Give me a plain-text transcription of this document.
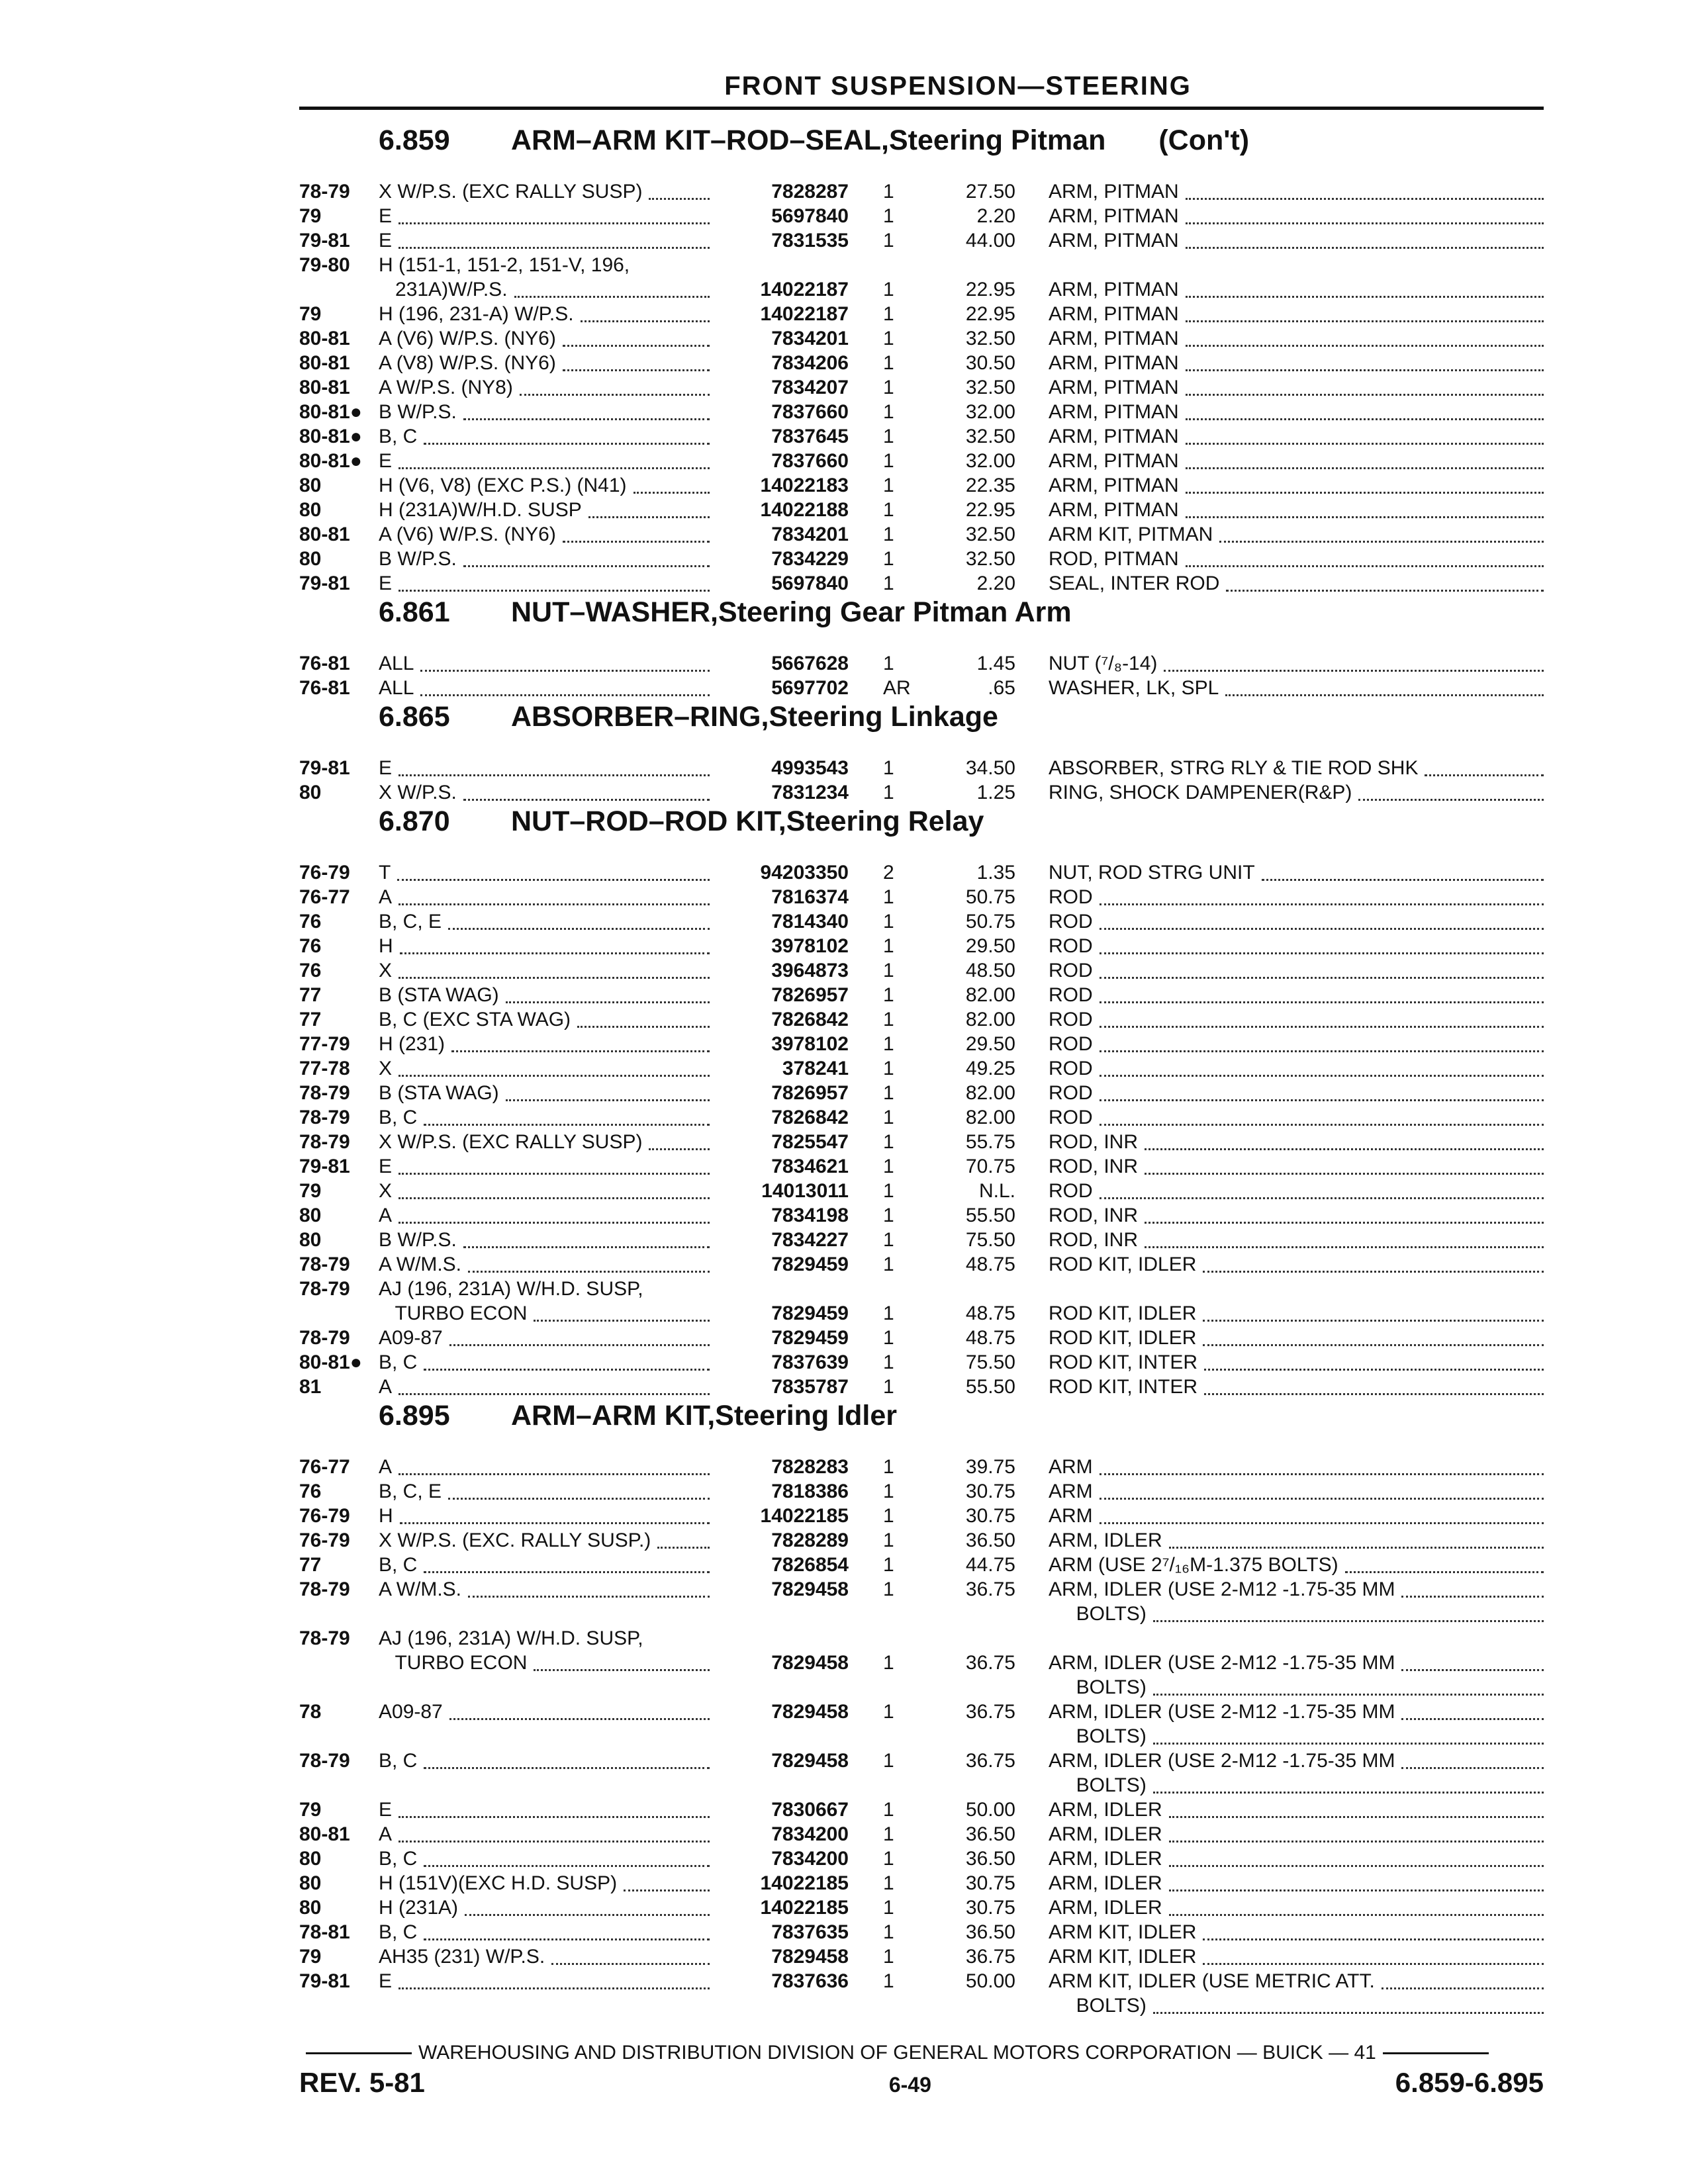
FRONT SUSPENSION—STEERING
6.859	ARM–ARM KIT–ROD–SEAL, Steering Pitman (Con't)
78-79	X W/P.S. (EXC RALLY SUSP)	7828287	1	27.50	ARM, PITMAN
79	E	5697840	1	2.20	ARM, PITMAN
79-81	E	7831535	1	44.00	ARM, PITMAN
79-80	H (151-1, 151-2, 151-V, 196,
231A)W/P.S.	14022187	1	22.95	ARM, PITMAN
79	H (196, 231-A) W/P.S.	14022187	1	22.95	ARM, PITMAN
80-81	A (V6) W/P.S. (NY6)	7834201	1	32.50	ARM, PITMAN
80-81	A (V8) W/P.S. (NY6)	7834206	1	30.50	ARM, PITMAN
80-81	A W/P.S. (NY8)	7834207	1	32.50	ARM, PITMAN
80-81● B W/P.S.	7837660	1	32.00	ARM, PITMAN
80-81● B, C	7837645	1	32.50	ARM, PITMAN
80-81● E	7837660	1	32.00	ARM, PITMAN
80	H (V6, V8) (EXC P.S.) (N41)	14022183	1	22.35	ARM, PITMAN
80	H (231A)W/H.D. SUSP	14022188	1	22.95	ARM, PITMAN
80-81	A (V6) W/P.S. (NY6)	7834201	1	32.50	ARM KIT, PITMAN
80	B W/P.S.	7834229	1	32.50	ROD, PITMAN
79-81	E	5697840	1	2.20	SEAL, INTER ROD
6.861	NUT–WASHER, Steering Gear Pitman Arm
76-81	ALL	5667628	1	1.45	NUT (⁷/₈-14)
76-81	ALL	5697702	AR	.65	WASHER, LK, SPL
6.865	ABSORBER–RING, Steering Linkage
79-81	E	4993543	1	34.50	ABSORBER, STRG RLY & TIE ROD SHK
80	X W/P.S.	7831234	1	1.25	RING, SHOCK DAMPENER(R&P)
6.870	NUT–ROD–ROD KIT, Steering Relay
76-79	T	94203350	2	1.35	NUT, ROD STRG UNIT
76-77	A	7816374	1	50.75	ROD
76	B, C, E	7814340	1	50.75	ROD
76	H	3978102	1	29.50	ROD
76	X	3964873	1	48.50	ROD
77	B (STA WAG)	7826957	1	82.00	ROD
77	B, C (EXC STA WAG)	7826842	1	82.00	ROD
77-79	H (231)	3978102	1	29.50	ROD
77-78	X	378241	1	49.25	ROD
78-79	B (STA WAG)	7826957	1	82.00	ROD
78-79	B, C	7826842	1	82.00	ROD
78-79	X W/P.S. (EXC RALLY SUSP)	7825547	1	55.75	ROD, INR
79-81	E	7834621	1	70.75	ROD, INR
79	X	14013011	1	N.L.	ROD
80	A	7834198	1	55.50	ROD, INR
80	B W/P.S.	7834227	1	75.50	ROD, INR
78-79	A W/M.S.	7829459	1	48.75	ROD KIT, IDLER
78-79	AJ (196, 231A) W/H.D. SUSP,
TURBO ECON	7829459	1	48.75	ROD KIT, IDLER
78-79	A09-87	7829459	1	48.75	ROD KIT, IDLER
80-81● B, C	7837639	1	75.50	ROD KIT, INTER
81	A	7835787	1	55.50	ROD KIT, INTER
6.895	ARM–ARM KIT, Steering Idler
76-77	A	7828283	1	39.75	ARM
76	B, C, E	7818386	1	30.75	ARM
76-79	H	14022185	1	30.75	ARM
76-79	X W/P.S. (EXC. RALLY SUSP.)	7828289	1	36.50	ARM, IDLER
77	B, C	7826854	1	44.75	ARM (USE 2⁷/₁₆M-1.375 BOLTS)
78-79	A W/M.S.	7829458	1	36.75	ARM, IDLER (USE 2-M12 -1.75-35 MM
BOLTS)
78-79	AJ (196, 231A) W/H.D. SUSP,
TURBO ECON	7829458	1	36.75	ARM, IDLER (USE 2-M12 -1.75-35 MM
BOLTS)
78	A09-87	7829458	1	36.75	ARM, IDLER (USE 2-M12 -1.75-35 MM
BOLTS)
78-79	B, C	7829458	1	36.75	ARM, IDLER (USE 2-M12 -1.75-35 MM
BOLTS)
79	E	7830667	1	50.00	ARM, IDLER
80-81	A	7834200	1	36.50	ARM, IDLER
80	B, C	7834200	1	36.50	ARM, IDLER
80	H (151V)(EXC H.D. SUSP)	14022185	1	30.75	ARM, IDLER
80	H (231A)	14022185	1	30.75	ARM, IDLER
78-81	B, C	7837635	1	36.50	ARM KIT, IDLER
79	AH35 (231) W/P.S.	7829458	1	36.75	ARM KIT, IDLER
79-81	E	7837636	1	50.00	ARM KIT, IDLER (USE METRIC ATT.
BOLTS)
WAREHOUSING AND DISTRIBUTION DIVISION OF GENERAL MOTORS CORPORATION — BUICK — 41
REV. 5-81	6-49	6.859-6.895
